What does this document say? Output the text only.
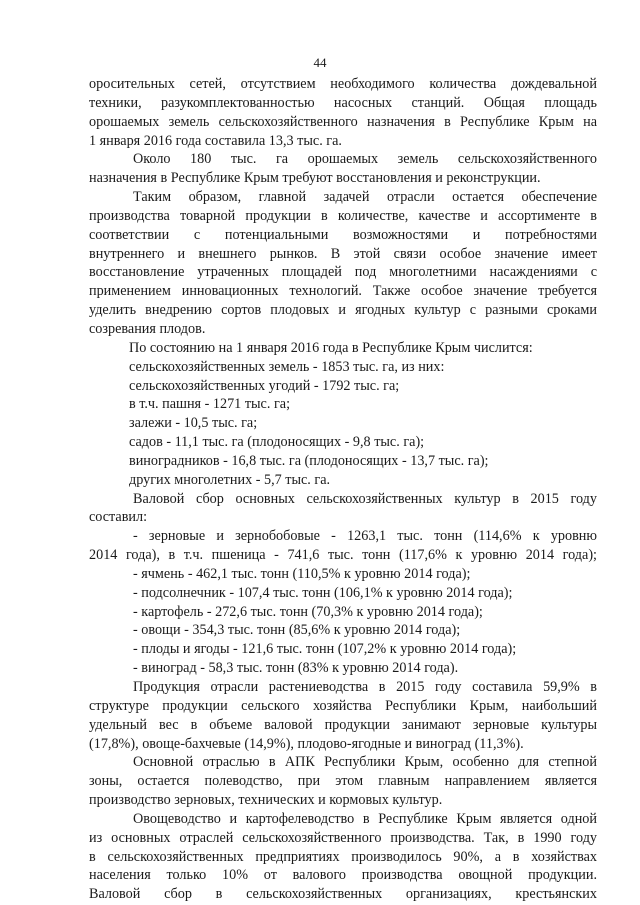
44
оросительных сетей, отсутствием необходимого количества дождевальной
техники, разукомплектованностью насосных станций. Общая площадь
орошаемых земель сельскохозяйственного назначения в Республике Крым на
1 января 2016 года составила 13,3 тыс. га.
Около 180 тыс. га орошаемых земель сельскохозяйственного
назначения в Республике Крым требуют восстановления и реконструкции.
Таким образом, главной задачей отрасли остается обеспечение
производства товарной продукции в количестве, качестве и ассортименте в
соответствии с потенциальными возможностями и потребностями
внутреннего и внешнего рынков. В этой связи особое значение имеет
восстановление утраченных площадей под многолетними насаждениями с
применением инновационных технологий. Также особое значение требуется
уделить внедрению сортов плодовых и ягодных культур с разными сроками
созревания плодов.
По состоянию на 1 января 2016 года в Республике Крым числится:
сельскохозяйственных земель - 1853 тыс. га, из них:
сельскохозяйственных угодий - 1792 тыс. га;
в т.ч. пашня - 1271 тыс. га;
залежи - 10,5 тыс. га;
садов - 11,1 тыс. га (плодоносящих - 9,8 тыс. га);
виноградников - 16,8 тыс. га (плодоносящих - 13,7 тыс. га);
других многолетних - 5,7 тыс. га.
Валовой сбор основных сельскохозяйственных культур в 2015 году
составил:
- зерновые и зернобобовые - 1263,1 тыс. тонн (114,6% к уровню
2014 года), в т.ч. пшеница - 741,6 тыс. тонн (117,6% к уровню 2014 года);
- ячмень - 462,1 тыс. тонн (110,5% к уровню 2014 года);
- подсолнечник - 107,4 тыс. тонн (106,1% к уровню 2014 года);
- картофель - 272,6 тыс. тонн (70,3% к уровню 2014 года);
- овощи - 354,3 тыс. тонн (85,6% к уровню 2014 года);
- плоды и ягоды - 121,6 тыс. тонн (107,2% к уровню 2014 года);
- виноград - 58,3 тыс. тонн (83% к уровню 2014 года).
Продукция отрасли растениеводства в 2015 году составила 59,9% в
структуре продукции сельского хозяйства Республики Крым, наибольший
удельный вес в объеме валовой продукции занимают зерновые культуры
(17,8%), овоще-бахчевые (14,9%), плодово-ягодные и виноград (11,3%).
Основной отраслью в АПК Республики Крым, особенно для степной
зоны, остается полеводство, при этом главным направлением является
производство зерновых, технических и кормовых культур.
Овощеводство и картофелеводство в Республике Крым является одной
из основных отраслей сельскохозяйственного производства. Так, в 1990 году
в сельскохозяйственных предприятиях производилось 90%, а в хозяйствах
населения только 10% от валового производства овощной продукции.
Валовой сбор в сельскохозяйственных организациях, крестьянских
